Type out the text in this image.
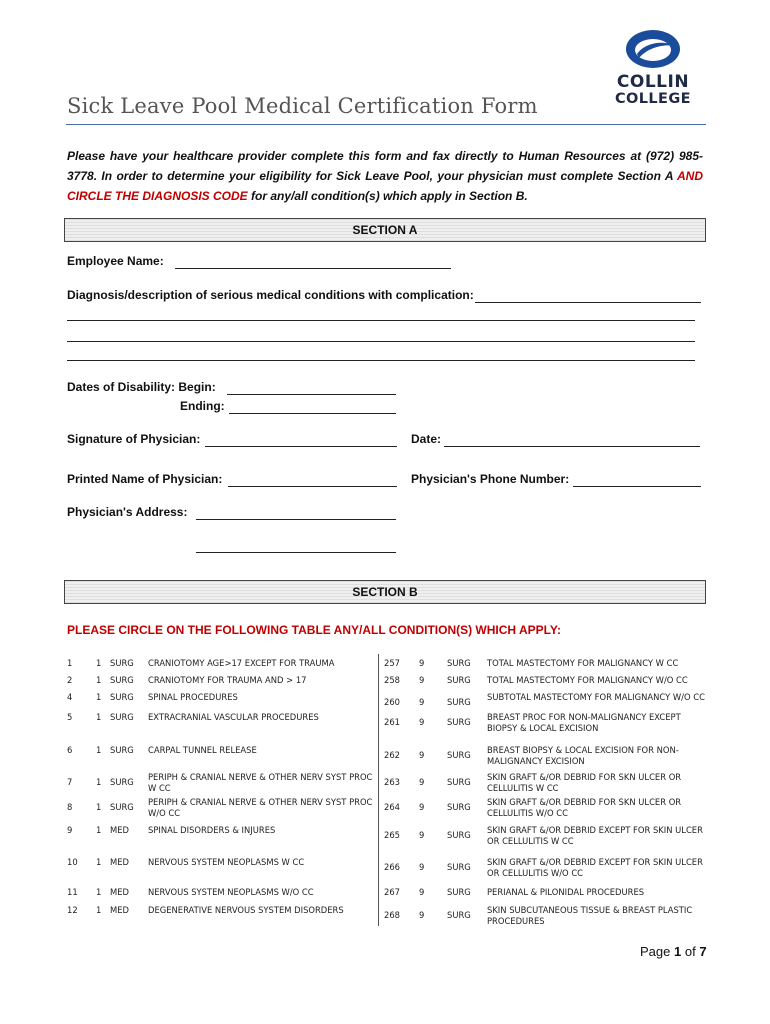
Sick Leave Pool Medical Certification Form
COLLIN
COLLEGE
Please have your healthcare provider complete this form and fax directly to Human Resources at (972) 985-3778. In order to determine your eligibility for Sick Leave Pool, your physician must complete Section A AND CIRCLE THE DIAGNOSIS CODE for any/all condition(s) which apply in Section B.
SECTION A
Employee Name:
Diagnosis/description of serious medical conditions with complication:
Dates of Disability: Begin:
Ending:
Signature of Physician:	Date:
Printed Name of Physician:	Physician's Phone Number:
Physician's Address:
SECTION B
PLEASE CIRCLE ON THE FOLLOWING TABLE ANY/ALL CONDITION(S) WHICH APPLY:
1	1 SURG CRANIOTOMY AGE>17 EXCEPT FOR TRAUMA
2	1 SURG CRANIOTOMY FOR TRAUMA AND > 17
4	1 SURG SPINAL PROCEDURES
5	1 SURG EXTRACRANIAL VASCULAR PROCEDURES
6	1 SURG CARPAL TUNNEL RELEASE
7	1 SURG PERIPH & CRANIAL NERVE & OTHER NERV SYST PROC W CC
8	1 SURG PERIPH & CRANIAL NERVE & OTHER NERV SYST PROC W/O CC
9	1 MED SPINAL DISORDERS & INJURES
10 1 MED NERVOUS SYSTEM NEOPLASMS W CC
11 1 MED NERVOUS SYSTEM NEOPLASMS W/O CC
12 1 MED DEGENERATIVE NERVOUS SYSTEM DISORDERS
257 9	SURG TOTAL MASTECTOMY FOR MALIGNANCY W CC
258 9	SURG TOTAL MASTECTOMY FOR MALIGNANCY W/O CC
260 9	SURG SUBTOTAL MASTECTOMY FOR MALIGNANCY W/O CC
261 9	SURG BREAST PROC FOR NON-MALIGNANCY EXCEPT BIOPSY & LOCAL EXCISION
262 9	SURG BREAST BIOPSY & LOCAL EXCISION FOR NON-MALIGNANCY EXCISION
263 9	SURG SKIN GRAFT &/OR DEBRID FOR SKN ULCER OR CELLULITIS W CC
264 9	SURG SKIN GRAFT &/OR DEBRID FOR SKN ULCER OR CELLULITIS W/O CC
265 9	SURG SKIN GRAFT &/OR DEBRID EXCEPT FOR SKIN ULCER OR CELLULITIS W CC
266 9	SURG SKIN GRAFT &/OR DEBRID EXCEPT FOR SKIN ULCER OR CELLULITIS W/O CC
267 9	SURG PERIANAL & PILONIDAL PROCEDURES
268 9	SURG SKIN SUBCUTANEOUS TISSUE & BREAST PLASTIC PROCEDURES
Page 1 of 7
